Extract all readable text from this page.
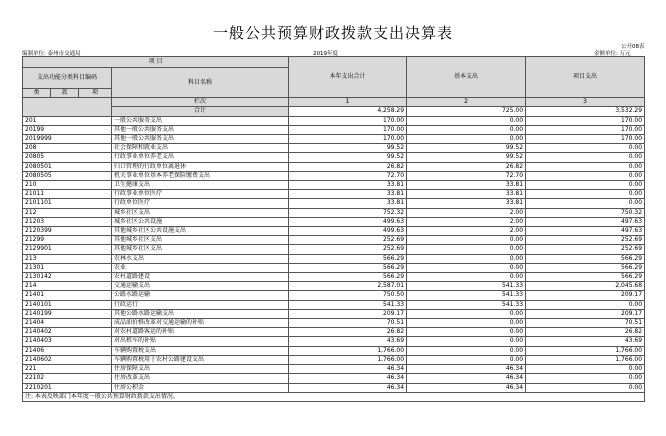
一般公共预算财政拨款支出决算表
编制单位: 泰州市交通局	2019年度
公开08表
金额单位: 万元
项 目				本年支出合计	基本支出	项目支出
支出功能分类科目编码			科目名称			
类	款	项				
			栏次	1	2	3
			合计	4,258.29	725.00	3,532.29
201			一般公共服务支出	170.00	0.00	170.00
20199			其他一般公共服务支出	170.00	0.00	170.00
2019999			其他一般公共服务支出	170.00	0.00	170.00
208			社会保障和就业支出	99.52	99.52	0.00
20805			行政事业单位养老支出	99.52	99.52	0.00
2080501			归口管理的行政单位离退休	26.82	26.82	0.00
2080505			机关事业单位基本养老保险缴费支出	72.70	72.70	0.00
210			卫生健康支出	33.81	33.81	0.00
21011			行政事业单位医疗	33.81	33.81	0.00
2101101			行政单位医疗	33.81	33.81	0.00
212			城乡社区支出	752.32	2.00	750.32
21203			城乡社区公共设施	499.63	2.00	497.63
2120399			其他城乡社区公共设施支出	499.63	2.00	497.63
21299			其他城乡社区支出	252.69	0.00	252.69
2129901			其他城乡社区支出	252.69	0.00	252.69
213			农林水支出	566.29	0.00	566.29
21301			农业	566.29	0.00	566.29
2130142			农村道路建设	566.29	0.00	566.29
214			交通运输支出	2,587.01	541.33	2,045.68
21401			公路水路运输	750.50	541.33	209.17
2140101			行政运行	541.33	541.33	0.00
2140199			其他公路水路运输支出	209.17	0.00	209.17
21404			成品油价格改革对交通运输的补贴	70.51	0.00	70.51
2140402			对农村道路客运的补贴	26.82	0.00	26.82
2140403			对出租车的补贴	43.69	0.00	43.69
21406			车辆购置税支出	1,766.00	0.00	1,766.00
2140602			车辆购置税用于农村公路建设支出	1,766.00	0.00	1,766.00
221			住房保障支出	46.34	46.34	0.00
22102			住房改革支出	46.34	46.34	0.00
2210201			住房公积金	46.34	46.34	0.00
注: 本表反映部门本年度一般公共预算财政拨款支出情况。						
